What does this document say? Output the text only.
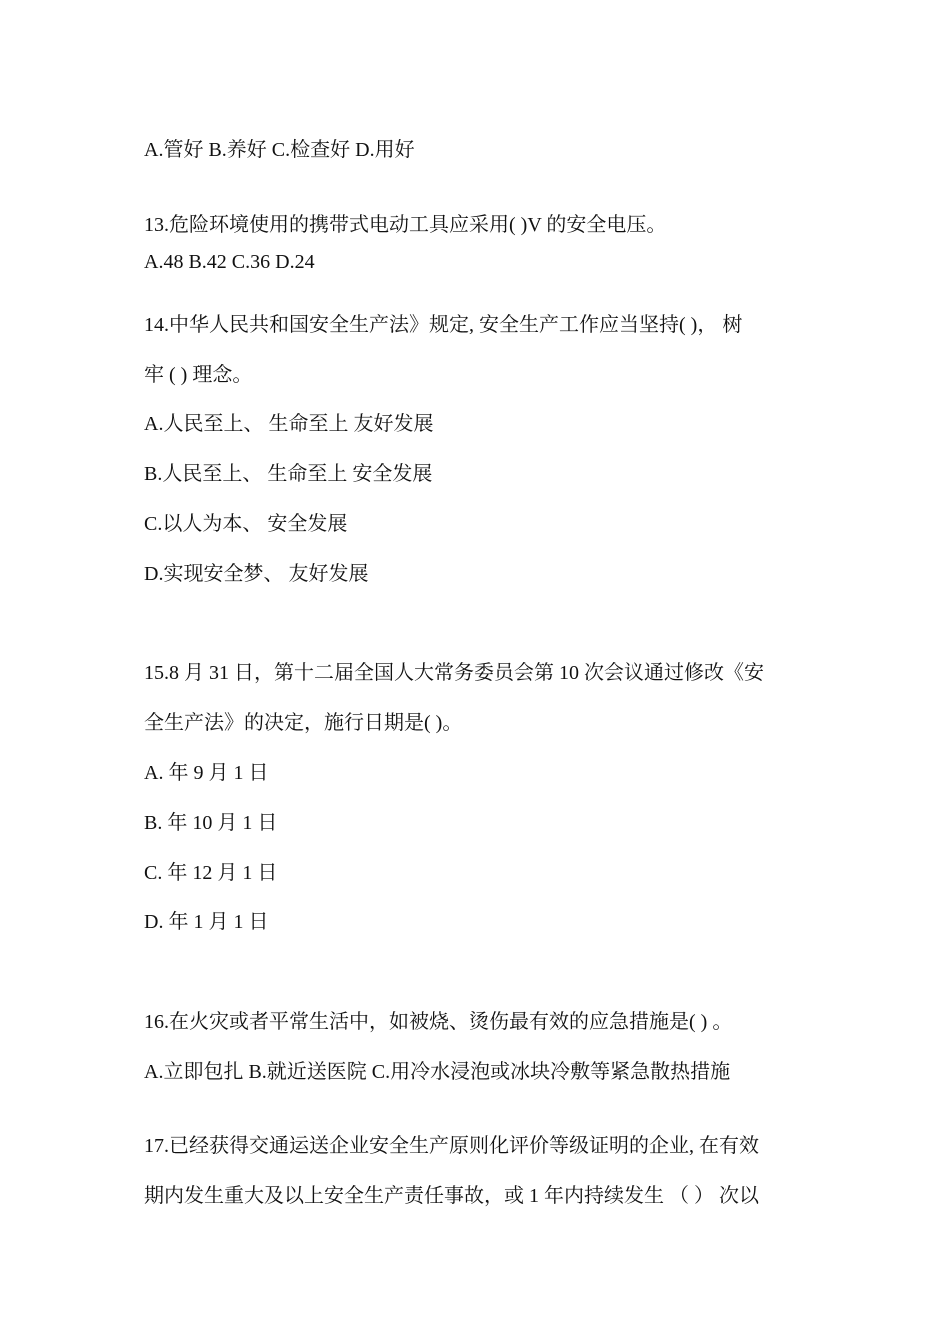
A.管好 B.养好 C.检查好 D.用好
13.危险环境使用的携带式电动工具应采用( )V 的安全电压。
A.48 B.42 C.36 D.24
14.中华人民共和国安全生产法》规定, 安全生产工作应当坚持( )， 树
牢 ( ) 理念。
A.人民至上、 生命至上 友好发展
B.人民至上、 生命至上 安全发展
C.以人为本、 安全发展
D.实现安全梦、 友好发展
15.8 月 31 日，第十二届全国人大常务委员会第 10 次会议通过修改《安
全生产法》的决定，施行日期是( )。
A. 年 9 月 1 日
B. 年 10 月 1 日
C. 年 12 月 1 日
D. 年 1 月 1 日
16.在火灾或者平常生活中，如被烧、烫伤最有效的应急措施是( ) 。
A.立即包扎 B.就近送医院 C.用冷水浸泡或冰块冷敷等紧急散热措施
17.已经获得交通运送企业安全生产原则化评价等级证明的企业, 在有效
期内发生重大及以上安全生产责任事故，或 1 年内持续发生 （ ） 次以
